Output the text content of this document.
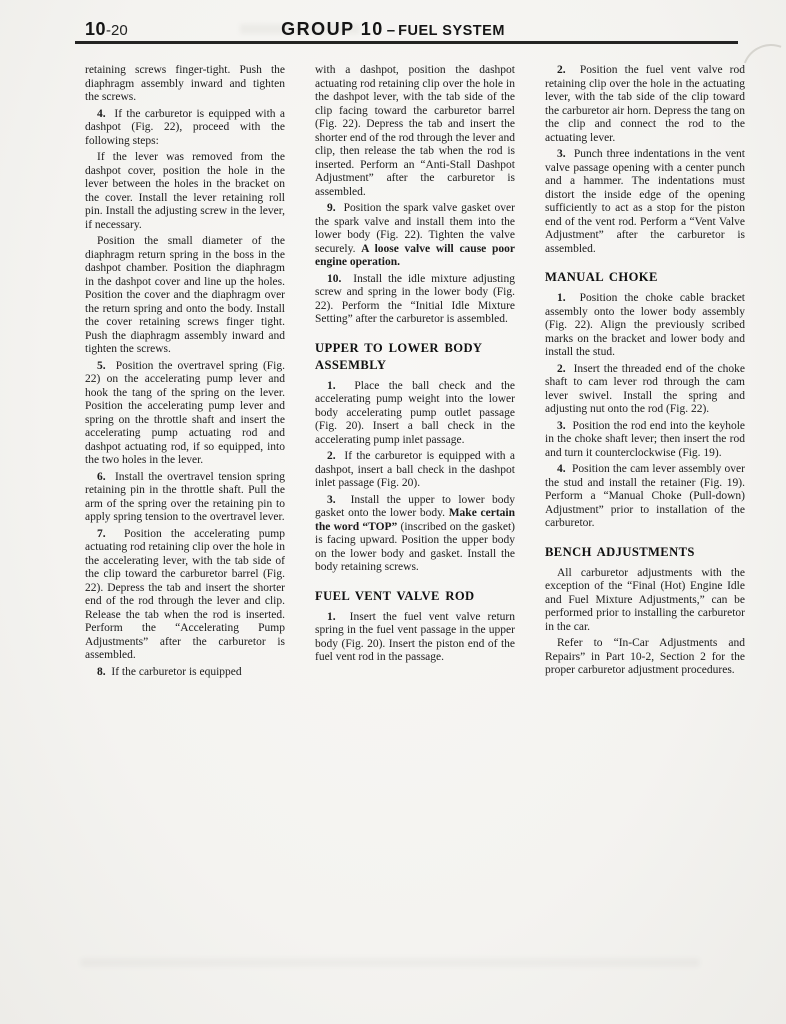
10-20	GROUP 10 – FUEL SYSTEM

retaining screws finger-tight. Push the diaphragm assembly inward and tighten the screws.

4. If the carburetor is equipped with a dashpot (Fig. 22), proceed with the following steps:

If the lever was removed from the dashpot cover, position the hole in the lever between the holes in the bracket on the cover. Install the lever retaining roll pin. Install the adjusting screw in the lever, if necessary.

Position the small diameter of the diaphragm return spring in the boss in the dashpot chamber. Position the diaphragm in the dashpot cover and line up the holes. Position the cover and the diaphragm over the return spring and onto the body. Install the cover retaining screws finger tight. Push the diaphragm assembly inward and tighten the screws.

5. Position the overtravel spring (Fig. 22) on the accelerating pump lever and hook the tang of the spring on the lever. Position the accelerating pump lever and spring on the throttle shaft and insert the accelerating pump actuating rod and dashpot actuating rod, if so equipped, into the two holes in the lever.

6. Install the overtravel tension spring retaining pin in the throttle shaft. Pull the arm of the spring over the retaining pin to apply spring tension to the overtravel lever.

7. Position the accelerating pump actuating rod retaining clip over the hole in the accelerating lever, with the tab side of the clip toward the carburetor barrel (Fig. 22). Depress the tab and insert the shorter end of the rod through the lever and clip. Release the tab when the rod is inserted. Perform the “Accelerating Pump Adjustments” after the carburetor is assembled.

8. If the carburetor is equipped

with a dashpot, position the dashpot actuating rod retaining clip over the hole in the dashpot lever, with the tab side of the clip facing toward the carburetor barrel (Fig. 22). Depress the tab and insert the shorter end of the rod through the lever and clip, then release the tab when the rod is inserted. Perform an “Anti-Stall Dashpot Adjustment” after the carburetor is assembled.

9. Position the spark valve gasket over the spark valve and install them into the lower body (Fig. 22). Tighten the valve securely. A loose valve will cause poor engine operation.

10. Install the idle mixture adjusting screw and spring in the lower body (Fig. 22). Perform the “Initial Idle Mixture Setting” after the carburetor is assembled.

UPPER TO LOWER BODY ASSEMBLY

1. Place the ball check and the accelerating pump weight into the lower body accelerating pump outlet passage (Fig. 20). Insert a ball check in the accelerating pump inlet passage.

2. If the carburetor is equipped with a dashpot, insert a ball check in the dashpot inlet passage (Fig. 20).

3. Install the upper to lower body gasket onto the lower body. Make certain the word “TOP” (inscribed on the gasket) is facing upward. Position the upper body on the lower body and gasket. Install the body retaining screws.

FUEL VENT VALVE ROD

1. Insert the fuel vent valve return spring in the fuel vent passage in the upper body (Fig. 20). Insert the piston end of the fuel vent rod in the passage.

2. Position the fuel vent valve rod retaining clip over the hole in the actuating lever, with the tab side of the clip toward the carburetor air horn. Depress the tang on the clip and connect the rod to the actuating lever.

3. Punch three indentations in the vent valve passage opening with a center punch and a hammer. The indentations must distort the inside edge of the opening sufficiently to act as a stop for the piston end of the vent rod. Perform a “Vent Valve Adjustment” after the carburetor is assembled.

MANUAL CHOKE

1. Position the choke cable bracket assembly onto the lower body assembly (Fig. 22). Align the previously scribed marks on the bracket and lower body and install the stud.

2. Insert the threaded end of the choke shaft to cam lever rod through the cam lever swivel. Install the spring and adjusting nut onto the rod (Fig. 22).

3. Position the rod end into the keyhole in the choke shaft lever; then insert the rod and turn it counterclockwise (Fig. 19).

4. Position the cam lever assembly over the stud and install the retainer (Fig. 19). Perform a “Manual Choke (Pull-down) Adjustment” prior to installation of the carburetor.

BENCH ADJUSTMENTS

All carburetor adjustments with the exception of the “Final (Hot) Engine Idle and Fuel Mixture Adjustments,” can be performed prior to installing the carburetor in the car.

Refer to “In-Car Adjustments and Repairs” in Part 10-2, Section 2 for the proper carburetor adjustment procedures.
